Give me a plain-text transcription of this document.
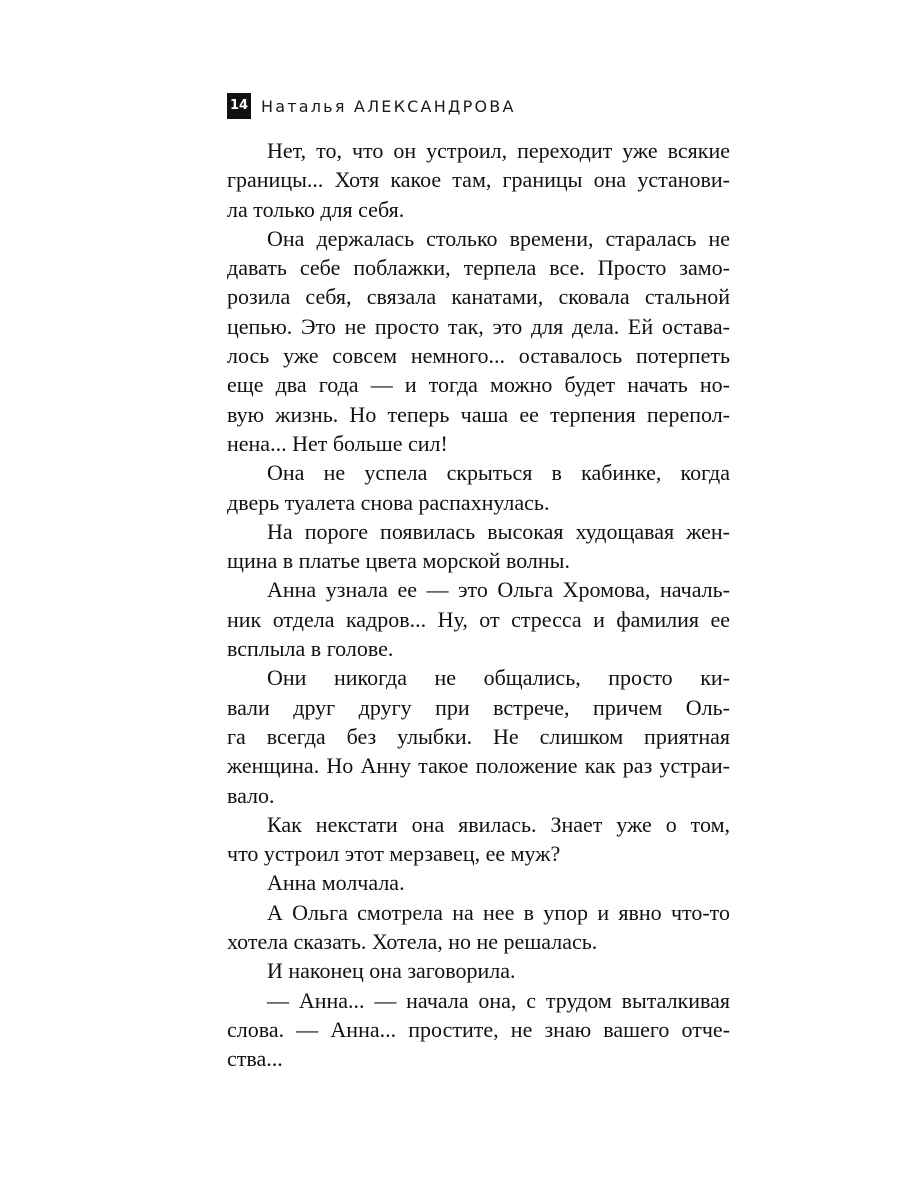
14 Наталья АЛЕКСАНДРОВА
Нет, то, что он устроил, переходит уже всякие
границы... Хотя какое там, границы она установи-
ла только для себя.
Она держалась столько времени, старалась не
давать себе поблажки, терпела все. Просто замо-
розила себя, связала канатами, сковала стальной
цепью. Это не просто так, это для дела. Ей остава-
лось уже совсем немного... оставалось потерпеть
еще два года — и тогда можно будет начать но-
вую жизнь. Но теперь чаша ее терпения перепол-
нена... Нет больше сил!
Она не успела скрыться в кабинке, когда
дверь туалета снова распахнулась.
На пороге появилась высокая худощавая жен-
щина в платье цвета морской волны.
Анна узнала ее — это Ольга Хромова, началь-
ник отдела кадров... Ну, от стресса и фамилия ее
всплыла в голове.
Они никогда не общались, просто ки-
вали друг другу при встрече, причем Оль-
га всегда без улыбки. Не слишком приятная
женщина. Но Анну такое положение как раз устраи-
вало.
Как некстати она явилась. Знает уже о том,
что устроил этот мерзавец, ее муж?
Анна молчала.
А Ольга смотрела на нее в упор и явно что-то
хотела сказать. Хотела, но не решалась.
И наконец она заговорила.
— Анна... — начала она, с трудом выталкивая
слова. — Анна... простите, не знаю вашего отче-
ства...
